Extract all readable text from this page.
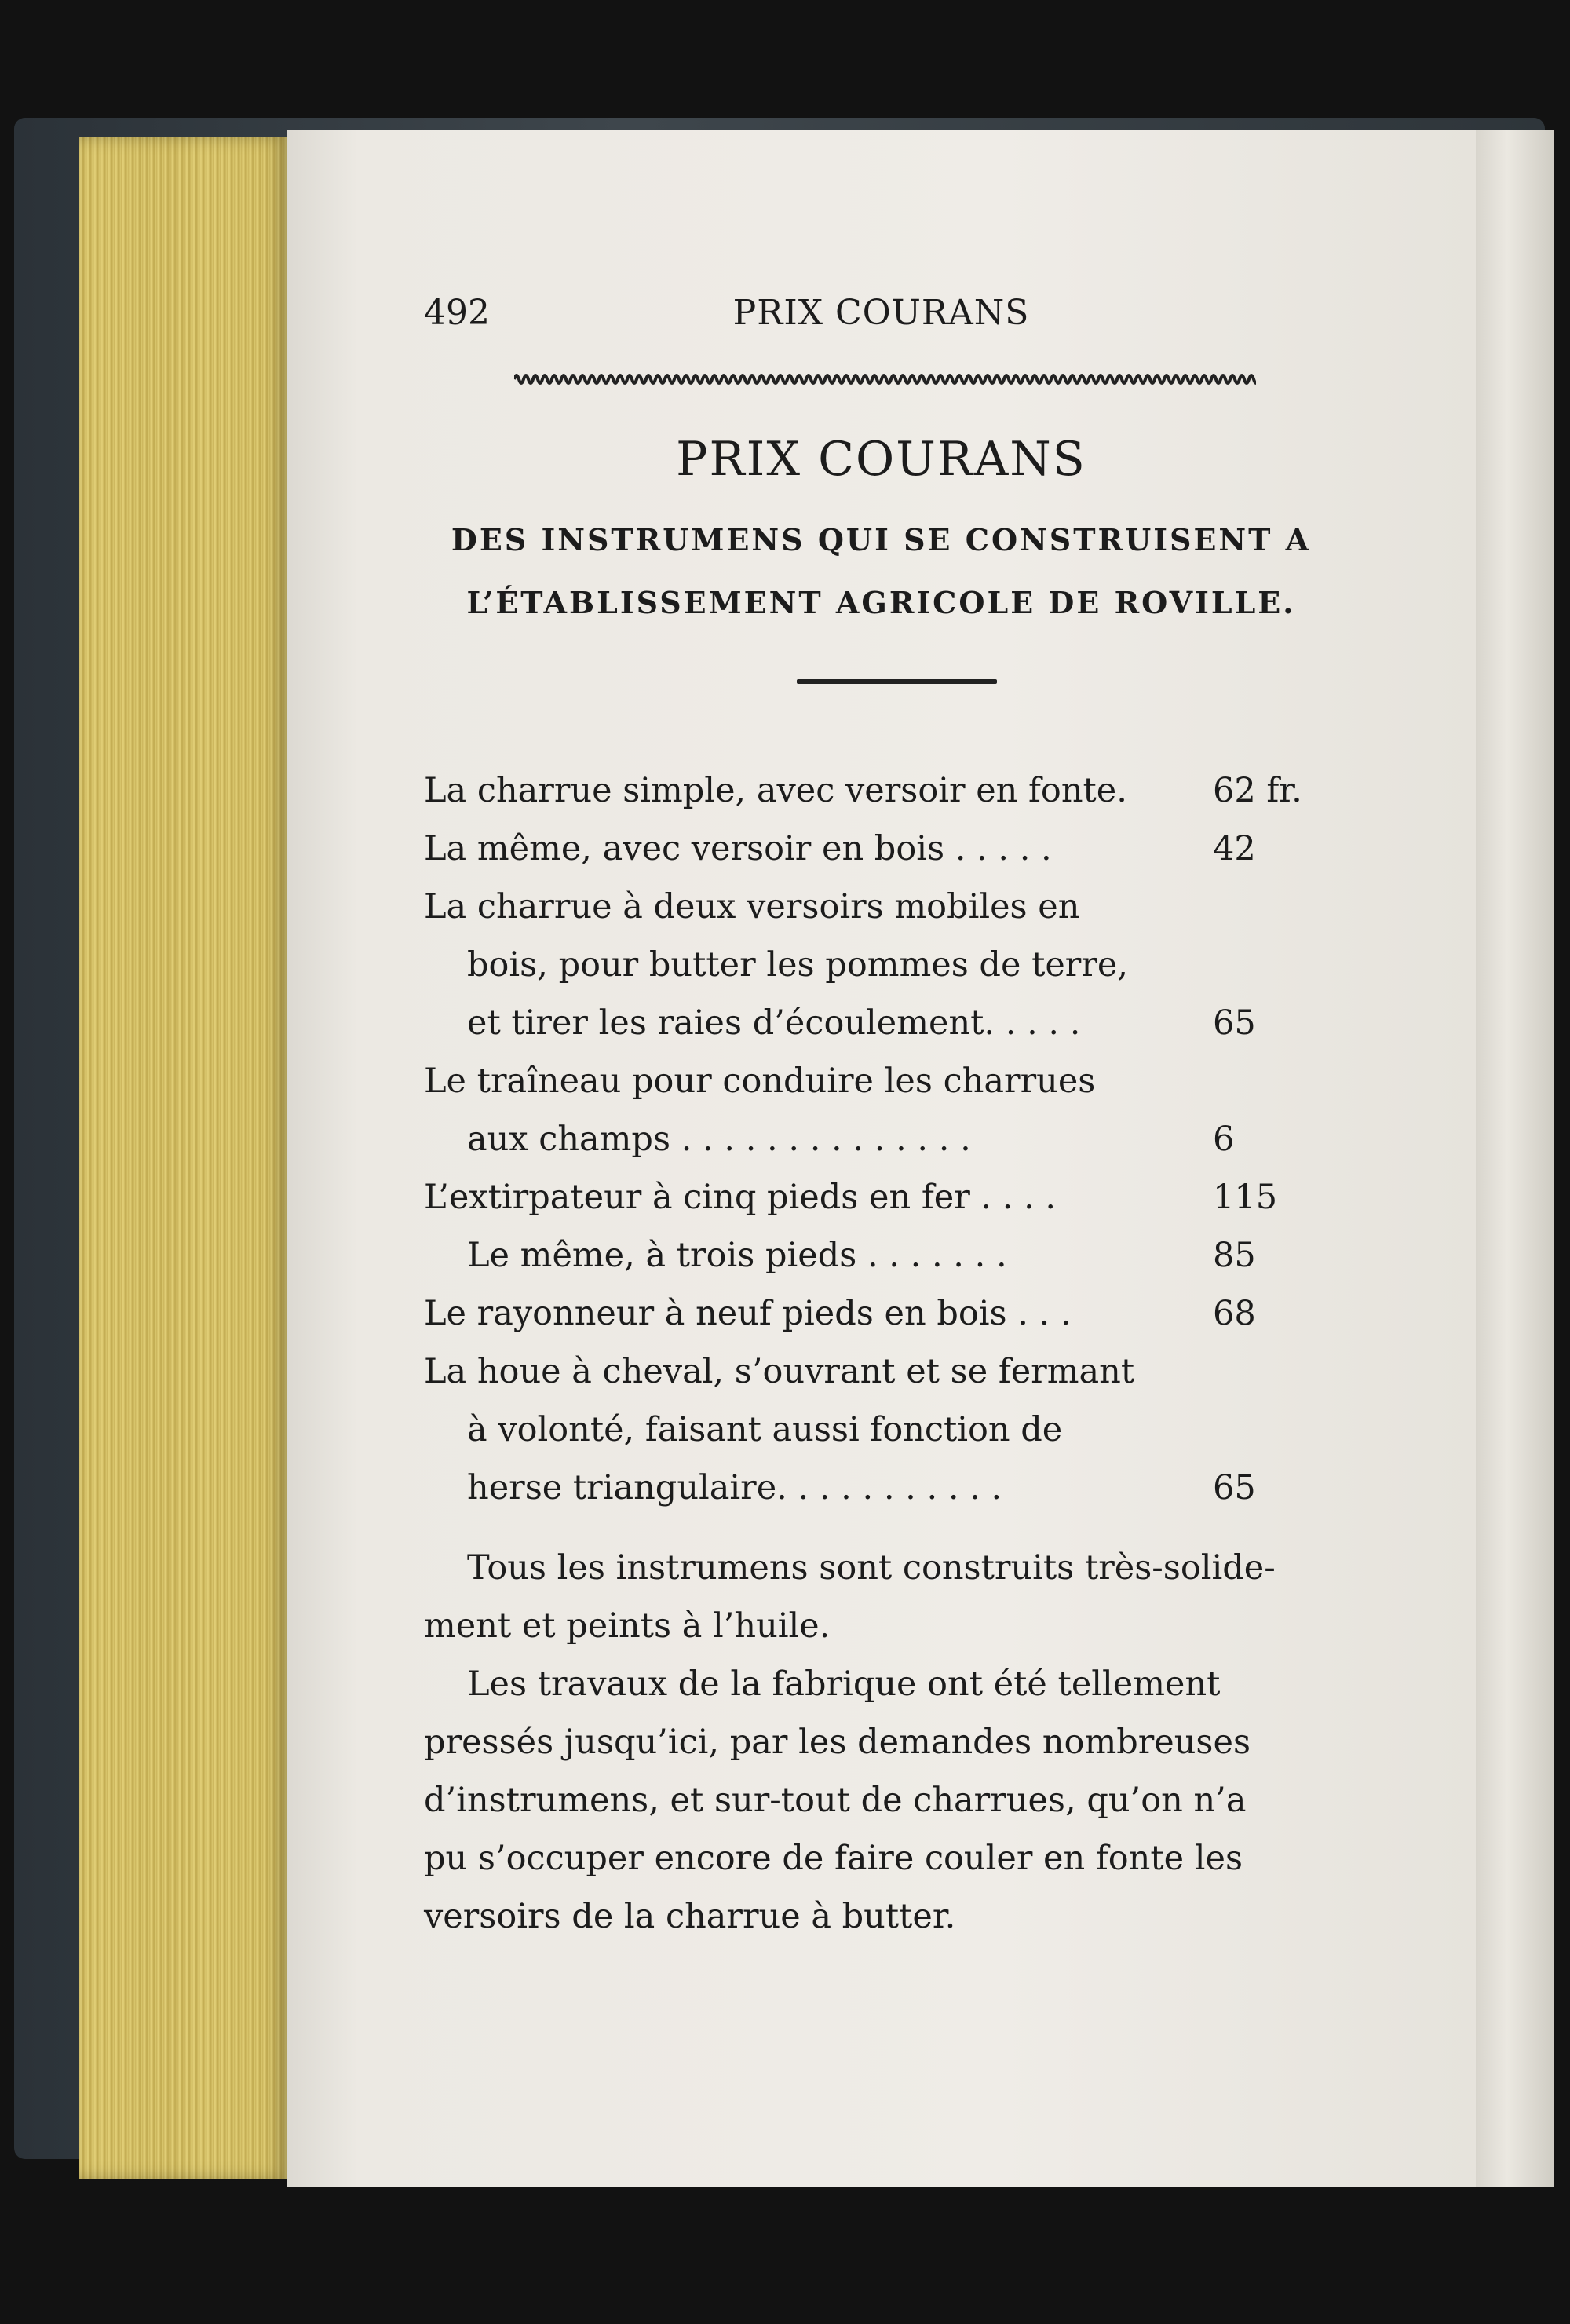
492	PRIX COURANS
PRIX COURANS
DES INSTRUMENS QUI SE CONSTRUISENT A
L’ÉTABLISSEMENT AGRICOLE DE ROVILLE.
La charrue simple, avec versoir en fonte.	62 fr.
La même, avec versoir en bois . . . . .	42
La charrue à deux versoirs mobiles en
bois, pour butter les pommes de terre,
et tirer les raies d’écoulement. . . . .	65
Le traîneau pour conduire les charrues
aux champs . . . . . . . . . . . . . .	6
L’extirpateur à cinq pieds en fer . . . .	115
Le même, à trois pieds . . . . . . .	85
Le rayonneur à neuf pieds en bois . . .	68
La houe à cheval, s’ouvrant et se fermant
à volonté, faisant aussi fonction de
herse triangulaire. . . . . . . . . . .	65
Tous les instrumens sont construits très-solide-
ment et peints à l’huile.
Les travaux de la fabrique ont été tellement
pressés jusqu’ici, par les demandes nombreuses
d’instrumens, et sur-tout de charrues, qu’on n’a
pu s’occuper encore de faire couler en fonte les
versoirs de la charrue à butter.
